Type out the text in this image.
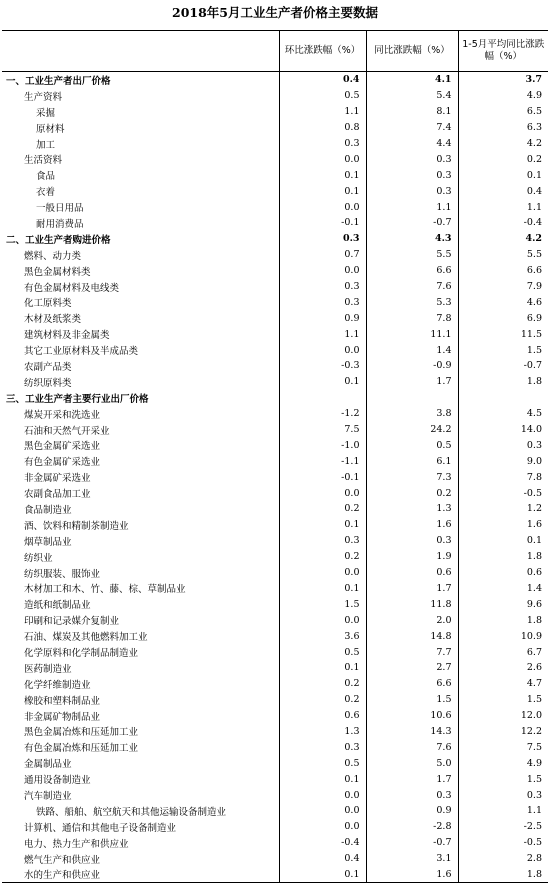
2018年5月工业生产者价格主要数据
	环比涨跌幅（%）	同比涨跌幅（%）	1-5月平均同比涨跌幅（%）
一、工业生产者出厂价格	0.4	4.1	3.7
生产资料	0.5	5.4	4.9
采掘	1.1	8.1	6.5
原材料	0.8	7.4	6.3
加工	0.3	4.4	4.2
生活资料	0.0	0.3	0.2
食品	0.1	0.3	0.1
衣着	0.1	0.3	0.4
一般日用品	0.0	1.1	1.1
耐用消费品	-0.1	-0.7	-0.4
二、工业生产者购进价格	0.3	4.3	4.2
燃料、动力类	0.7	5.5	5.5
黑色金属材料类	0.0	6.6	6.6
有色金属材料及电线类	0.3	7.6	7.9
化工原料类	0.3	5.3	4.6
木材及纸浆类	0.9	7.8	6.9
建筑材料及非金属类	1.1	11.1	11.5
其它工业原材料及半成品类	0.0	1.4	1.5
农副产品类	-0.3	-0.9	-0.7
纺织原料类	0.1	1.7	1.8
三、工业生产者主要行业出厂价格			
煤炭开采和洗选业	-1.2	3.8	4.5
石油和天然气开采业	7.5	24.2	14.0
黑色金属矿采选业	-1.0	0.5	0.3
有色金属矿采选业	-1.1	6.1	9.0
非金属矿采选业	-0.1	7.3	7.8
农副食品加工业	0.0	0.2	-0.5
食品制造业	0.2	1.3	1.2
酒、饮料和精制茶制造业	0.1	1.6	1.6
烟草制品业	0.3	0.3	0.1
纺织业	0.2	1.9	1.8
纺织服装、服饰业	0.0	0.6	0.6
木材加工和木、竹、藤、棕、草制品业	0.1	1.7	1.4
造纸和纸制品业	1.5	11.8	9.6
印刷和记录媒介复制业	0.0	2.0	1.8
石油、煤炭及其他燃料加工业	3.6	14.8	10.9
化学原料和化学制品制造业	0.5	7.7	6.7
医药制造业	0.1	2.7	2.6
化学纤维制造业	0.2	6.6	4.7
橡胶和塑料制品业	0.2	1.5	1.5
非金属矿物制品业	0.6	10.6	12.0
黑色金属冶炼和压延加工业	1.3	14.3	12.2
有色金属冶炼和压延加工业	0.3	7.6	7.5
金属制品业	0.5	5.0	4.9
通用设备制造业	0.1	1.7	1.5
汽车制造业	0.0	0.3	0.3
铁路、船舶、航空航天和其他运输设备制造业	0.0	0.9	1.1
计算机、通信和其他电子设备制造业	0.0	-2.8	-2.5
电力、热力生产和供应业	-0.4	-0.7	-0.5
燃气生产和供应业	0.4	3.1	2.8
水的生产和供应业	0.1	1.6	1.8
